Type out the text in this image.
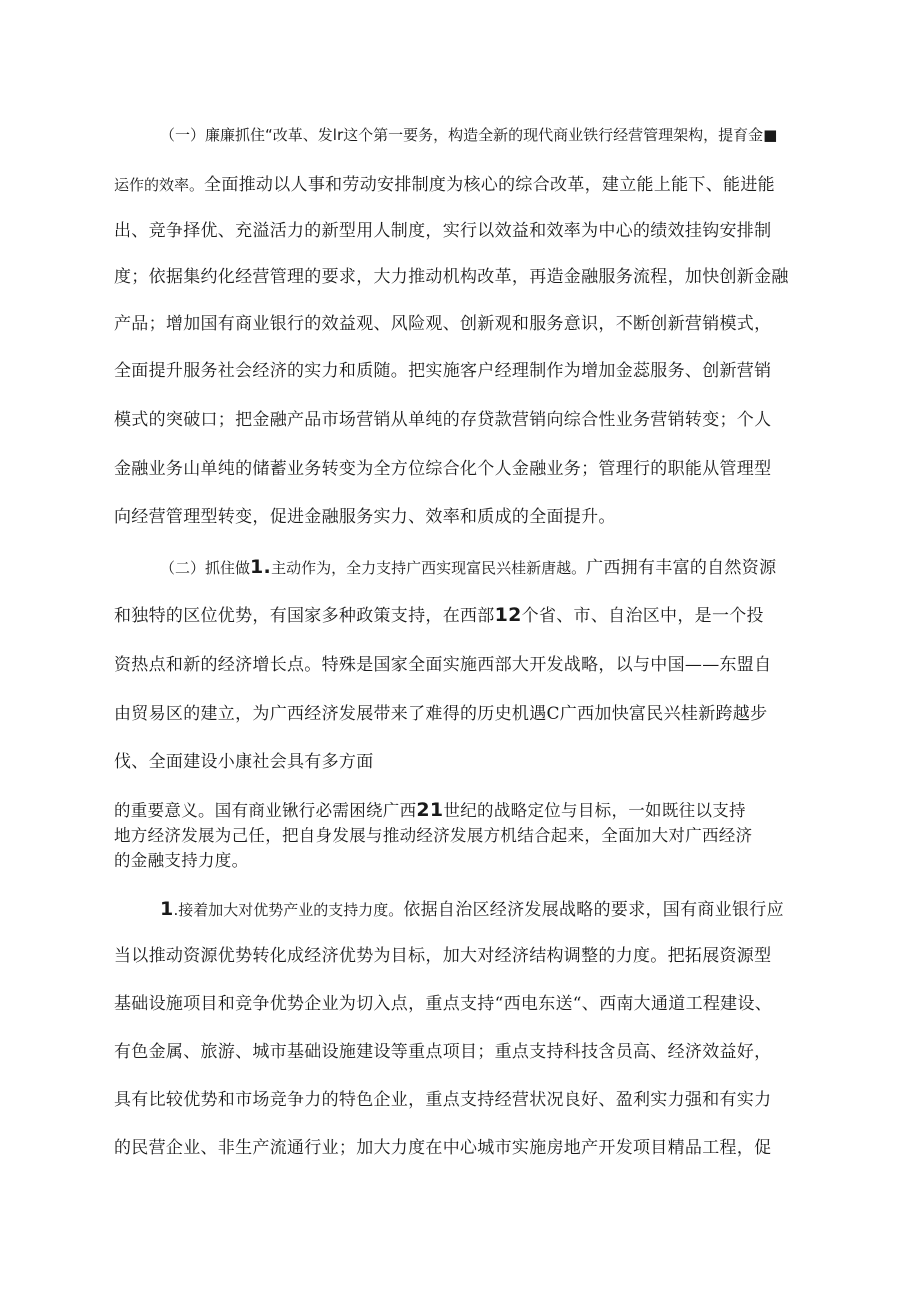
（一）廉廉抓住“改革、发lr这个第一要务，构造全新的现代商业铁行经营管理架构，提育金■
运作的效率。全面推动以人事和劳动安排制度为核心的综合改革，建立能上能下、能进能
出、竞争择优、充溢活力的新型用人制度，实行以效益和效率为中心的绩效挂钩安排制
度；依据集约化经营管理的要求，大力推动机构改革，再造金融服务流程，加快创新金融
产品；增加国有商业银行的效益观、风险观、创新观和服务意识，不断创新营销模式，
全面提升服务社会经济的实力和质随。把实施客户经理制作为增加金蕊服务、创新营销
模式的突破口；把金融产品市场营销从单纯的存贷款营销向综合性业务营销转变；个人
金融业务山单纯的储蓄业务转变为全方位综合化个人金融业务；管理行的职能从管理型
向经营管理型转变，促进金融服务实力、效率和质成的全面提升。
（二）抓住做1.主动作为，全力支持广西实现富民兴桂新唐越。广西拥有丰富的自然资源
和独特的区位优势，有国家多种政策支持，在西部12个省、市、自治区中，是一个投
资热点和新的经济增长点。特殊是国家全面实施西部大开发战略，以与中国——东盟自
由贸易区的建立，为广西经济发展带来了难得的历史机遇C广西加快富民兴桂新跨越步
伐、全面建设小康社会具有多方面
的重要意义。国有商业锹行必需困绕广西21世纪的战略定位与目标，一如既往以支持
地方经济发展为己任，把自身发展与推动经济发展方机结合起来，全面加大对广西经济
的金融支持力度。
1.接着加大对优势产业的支持力度。依据自治区经济发展战略的要求，国有商业银行应
当以推动资源优势转化成经济优势为目标，加大对经济结构调整的力度。把拓展资源型
基础设施项目和竞争优势企业为切入点，重点支持“西电东送“、西南大通道工程建设、
有色金属、旅游、城市基础设施建设等重点项目；重点支持科技含员高、经济效益好，
具有比较优势和市场竞争力的特色企业，重点支持经营状况良好、盈利实力强和有实力
的民营企业、非生产流通行业；加大力度在中心城市实施房地产开发项目精品工程，促
